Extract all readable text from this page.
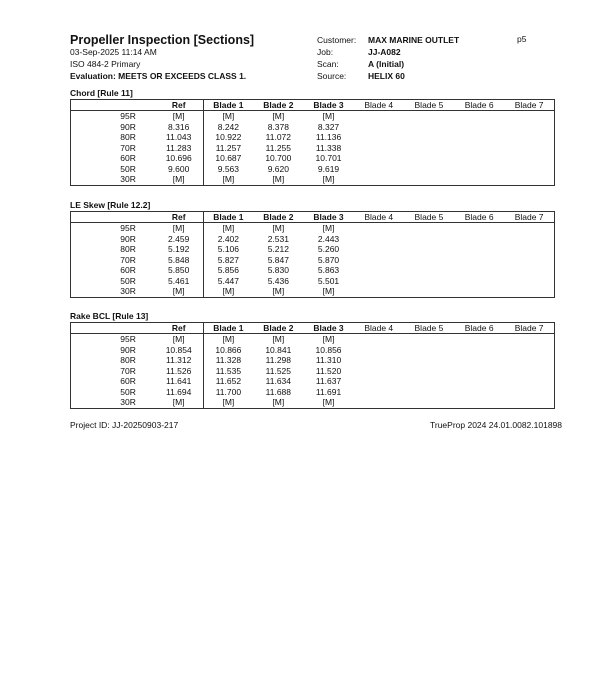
Propeller Inspection [Sections]
03-Sep-2025 11:14 AM
ISO 484-2 Primary
Evaluation: MEETS OR EXCEEDS CLASS 1.
Customer: MAX MARINE OUTLET
Job:	JJ-A082
Scan:	A (Initial)
Source:	HELIX 60
p5
Chord [Rule 11]
	Ref	Blade 1	Blade 2	Blade 3	Blade 4	Blade 5	Blade 6	Blade 7
95R	[M]	[M]	[M]	[M]				
90R	8.316	8.242	8.378	8.327				
80R	11.043	10.922	11.072	11.136				
70R	11.283	11.257	11.255	11.338				
60R	10.696	10.687	10.700	10.701				
50R	9.600	9.563	9.620	9.619				
30R	[M]	[M]	[M]	[M]				
LE Skew [Rule 12.2]
	Ref	Blade 1	Blade 2	Blade 3	Blade 4	Blade 5	Blade 6	Blade 7
95R	[M]	[M]	[M]	[M]				
90R	2.459	2.402	2.531	2.443				
80R	5.192	5.106	5.212	5.260				
70R	5.848	5.827	5.847	5.870				
60R	5.850	5.856	5.830	5.863				
50R	5.461	5.447	5.436	5.501				
30R	[M]	[M]	[M]	[M]				
Rake BCL [Rule 13]
	Ref	Blade 1	Blade 2	Blade 3	Blade 4	Blade 5	Blade 6	Blade 7
95R	[M]	[M]	[M]	[M]				
90R	10.854	10.866	10.841	10.856				
80R	11.312	11.328	11.298	11.310				
70R	11.526	11.535	11.525	11.520				
60R	11.641	11.652	11.634	11.637				
50R	11.694	11.700	11.688	11.691				
30R	[M]	[M]	[M]	[M]				
Project ID: JJ-20250903-217	TrueProp 2024 24.01.0082.101898
